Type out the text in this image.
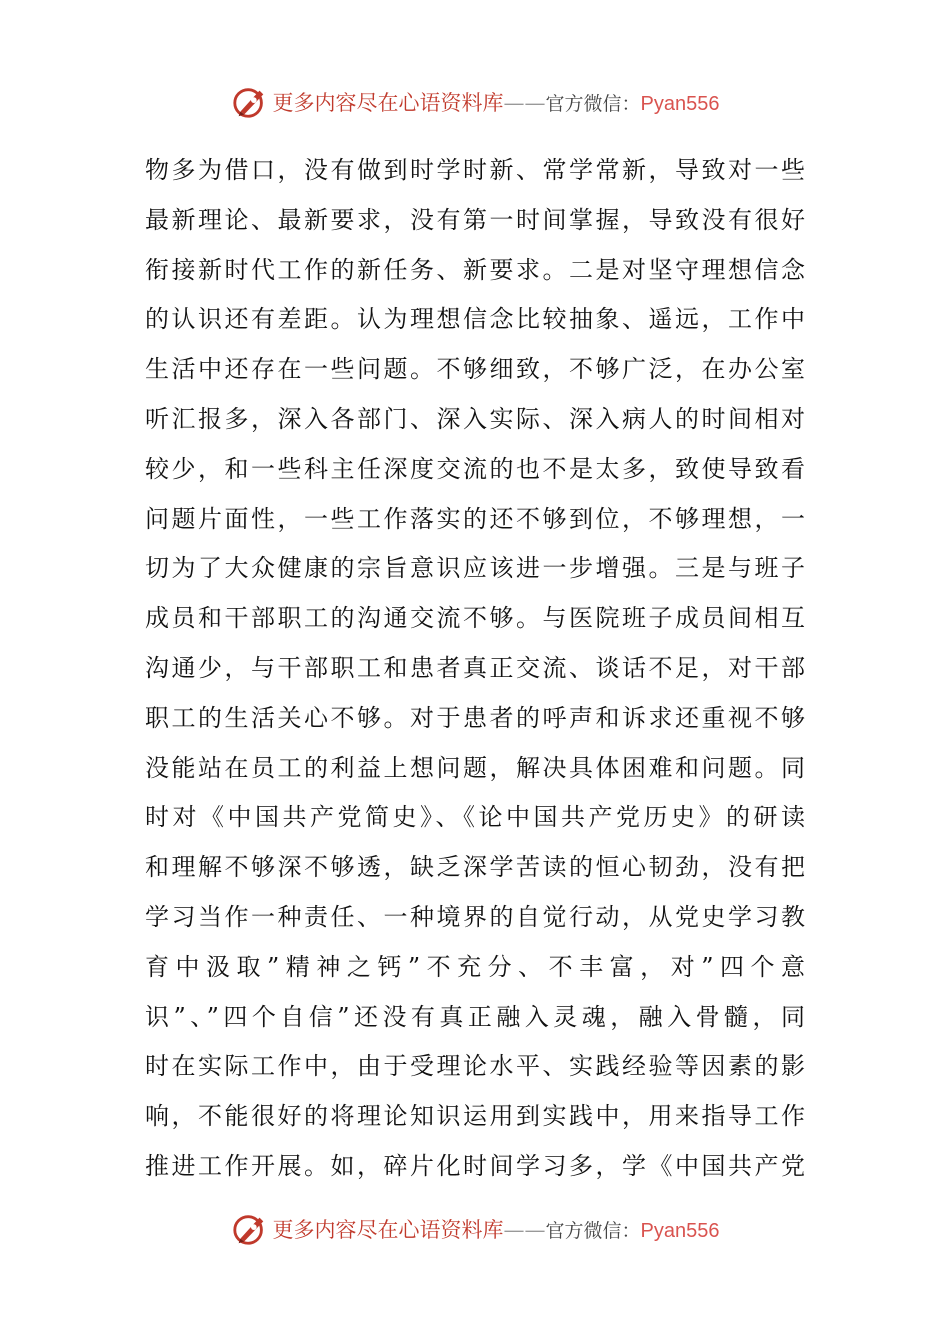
更多内容尽在心语资料库——官方微信：Pyan556
物多为借口，没有做到时学时新、常学常新，导致对一些
最新理论、最新要求，没有第一时间掌握，导致没有很好
衔接新时代工作的新任务、新要求。二是对坚守理想信念
的认识还有差距。认为理想信念比较抽象、遥远，工作中
生活中还存在一些问题。不够细致，不够广泛，在办公室
听汇报多，深入各部门、深入实际、深入病人的时间相对
较少，和一些科主任深度交流的也不是太多，致使导致看
问题片面性，一些工作落实的还不够到位，不够理想，一
切为了大众健康的宗旨意识应该进一步增强。三是与班子
成员和干部职工的沟通交流不够。与医院班子成员间相互
沟通少，与干部职工和患者真正交流、谈话不足，对干部
职工的生活关心不够。对于患者的呼声和诉求还重视不够
没能站在员工的利益上想问题，解决具体困难和问题。同
时对《中国共产党简史》、《论中国共产党历史》的研读
和理解不够深不够透，缺乏深学苦读的恒心韧劲，没有把
学习当作一种责任、一种境界的自觉行动，从党史学习教
育中汲取”精神之钙”不充分、不丰富，对”四个意
识”、”四个自信”还没有真正融入灵魂，融入骨髓，同
时在实际工作中，由于受理论水平、实践经验等因素的影
响，不能很好的将理论知识运用到实践中，用来指导工作
推进工作开展。如，碎片化时间学习多，学《中国共产党
更多内容尽在心语资料库——官方微信：Pyan556
